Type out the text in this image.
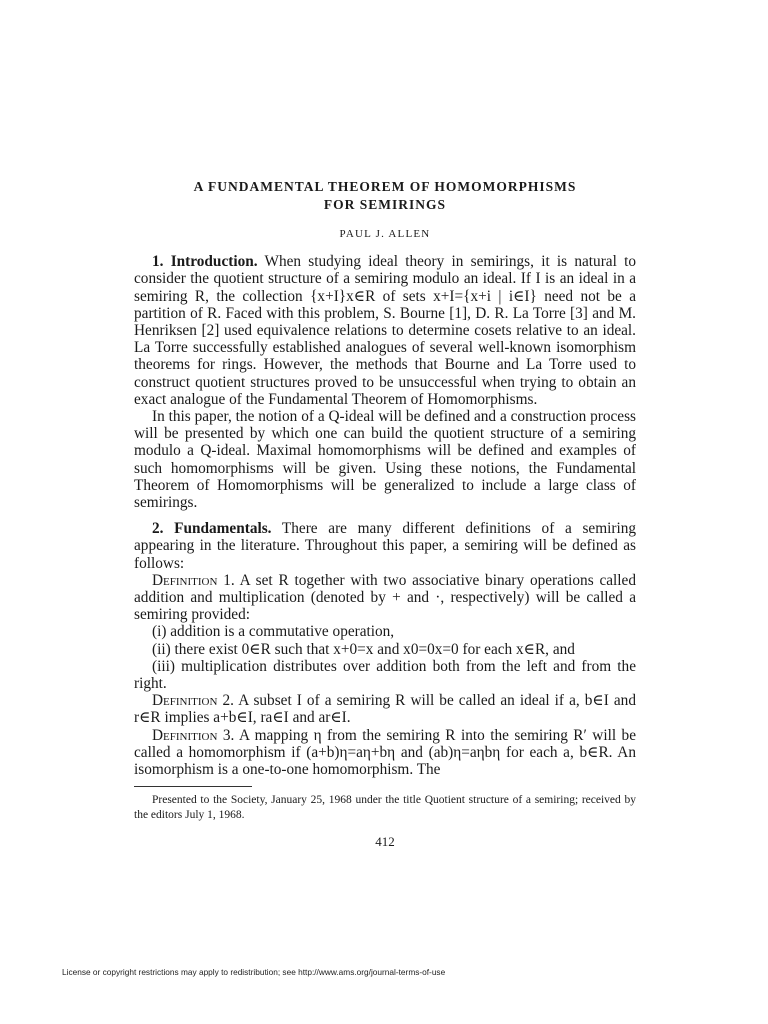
A FUNDAMENTAL THEOREM OF HOMOMORPHISMS
FOR SEMIRINGS
PAUL J. ALLEN

1. Introduction. When studying ideal theory in semirings, it is natural to consider the quotient structure of a semiring modulo an ideal. If I is an ideal in a semiring R, the collection {x+I}x∈R of sets x+I={x+i | i∈I} need not be a partition of R. Faced with this problem, S. Bourne [1], D. R. La Torre [3] and M. Henriksen [2] used equivalence relations to determine cosets relative to an ideal. La Torre successfully established analogues of several well-known isomorphism theorems for rings. However, the methods that Bourne and La Torre used to construct quotient structures proved to be unsuccessful when trying to obtain an exact analogue of the Fundamental Theorem of Homomorphisms.

In this paper, the notion of a Q-ideal will be defined and a construction process will be presented by which one can build the quotient structure of a semiring modulo a Q-ideal. Maximal homomorphisms will be defined and examples of such homomorphisms will be given. Using these notions, the Fundamental Theorem of Homomorphisms will be generalized to include a large class of semirings.

2. Fundamentals. There are many different definitions of a semiring appearing in the literature. Throughout this paper, a semiring will be defined as follows:

Definition 1. A set R together with two associative binary operations called addition and multiplication (denoted by + and ·, respectively) will be called a semiring provided:

(i) addition is a commutative operation,

(ii) there exist 0∈R such that x+0=x and x0=0x=0 for each x∈R, and

(iii) multiplication distributes over addition both from the left and from the right.

Definition 2. A subset I of a semiring R will be called an ideal if a, b∈I and r∈R implies a+b∈I, ra∈I and ar∈I.

Definition 3. A mapping η from the semiring R into the semiring R′ will be called a homomorphism if (a+b)η=aη+bη and (ab)η=aηbη for each a, b∈R. An isomorphism is a one-to-one homomorphism. The

Presented to the Society, January 25, 1968 under the title Quotient structure of a semiring; received by the editors July 1, 1968.
412
License or copyright restrictions may apply to redistribution; see http://www.ams.org/journal-terms-of-use
